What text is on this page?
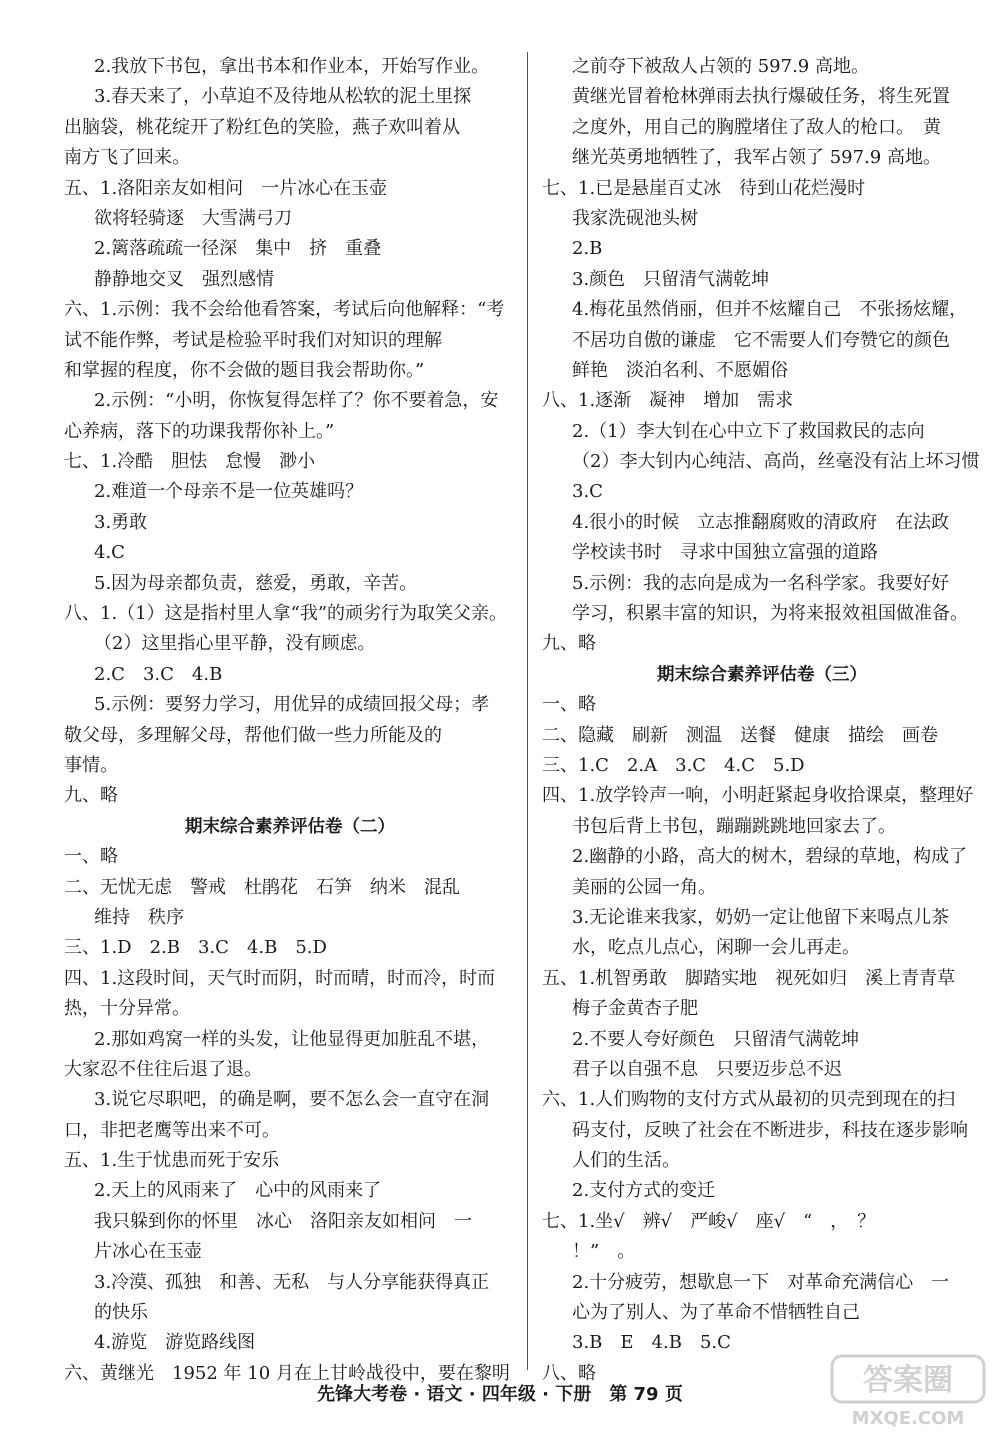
2.我放下书包，拿出书本和作业本，开始写作业。
3.春天来了，小草迫不及待地从松软的泥土里探
出脑袋，桃花绽开了粉红色的笑脸，燕子欢叫着从
南方飞了回来。
五、1.洛阳亲友如相问　一片冰心在玉壶
欲将轻骑逐　大雪满弓刀
2.篱落疏疏一径深　集中　挤　重叠
静静地交叉　强烈感情
六、1.示例：我不会给他看答案，考试后向他解释：“考
试不能作弊，考试是检验平时我们对知识的理解
和掌握的程度，你不会做的题目我会帮助你。”
2.示例：“小明，你恢复得怎样了？你不要着急，安
心养病，落下的功课我帮你补上。”
七、1.冷酷　胆怯　怠慢　渺小
2.难道一个母亲不是一位英雄吗？
3.勇敢
4.C
5.因为母亲都负责，慈爱，勇敢，辛苦。
八、1.（1）这是指村里人拿“我”的顽劣行为取笑父亲。
（2）这里指心里平静，没有顾虑。
2.C　3.C　4.B
5.示例：要努力学习，用优异的成绩回报父母；孝
敬父母，多理解父母，帮他们做一些力所能及的
事情。
九、略
期末综合素养评估卷（二）
一、略
二、无忧无虑　警戒　杜鹃花　石笋　纳米　混乱
维持　秩序
三、1.D　2.B　3.C　4.B　5.D
四、1.这段时间，天气时而阴，时而晴，时而冷，时而
热，十分异常。
2.那如鸡窝一样的头发，让他显得更加脏乱不堪，
大家忍不住往后退了退。
3.说它尽职吧，的确是啊，要不怎么会一直守在洞
口，非把老鹰等出来不可。
五、1.生于忧患而死于安乐
2.天上的风雨来了　心中的风雨来了
我只躲到你的怀里　冰心　洛阳亲友如相问　一
片冰心在玉壶
3.冷漠、孤独　和善、无私　与人分享能获得真正
的快乐
4.游览　游览路线图
六、黄继光　1952 年 10 月在上甘岭战役中，要在黎明
之前夺下被敌人占领的 597.9 高地。
黄继光冒着枪林弹雨去执行爆破任务，将生死置
之度外，用自己的胸膛堵住了敌人的枪口。　黄
继光英勇地牺牲了，我军占领了 597.9 高地。
七、1.已是悬崖百丈冰　待到山花烂漫时
我家洗砚池头树
2.B
3.颜色　只留清气满乾坤
4.梅花虽然俏丽，但并不炫耀自己　不张扬炫耀，
不居功自傲的谦虚　它不需要人们夸赞它的颜色
鲜艳　淡泊名利、不愿媚俗
八、1.逐渐　凝神　增加　需求
2.（1）李大钊在心中立下了救国救民的志向
（2）李大钊内心纯洁、高尚，丝毫没有沾上坏习惯
3.C
4.很小的时候　立志推翻腐败的清政府　在法政
学校读书时　寻求中国独立富强的道路
5.示例：我的志向是成为一名科学家。我要好好
学习，积累丰富的知识，为将来报效祖国做准备。
九、略
期末综合素养评估卷（三）
一、略
二、隐藏　刷新　测温　送餐　健康　描绘　画卷
三、1.C　2.A　3.C　4.C　5.D
四、1.放学铃声一响，小明赶紧起身收拾课桌，整理好
书包后背上书包，蹦蹦跳跳地回家去了。
2.幽静的小路，高大的树木，碧绿的草地，构成了
美丽的公园一角。
3.无论谁来我家，奶奶一定让他留下来喝点儿茶
水，吃点儿点心，闲聊一会儿再走。
五、1.机智勇敢　脚踏实地　视死如归　溪上青青草
梅子金黄杏子肥
2.不要人夸好颜色　只留清气满乾坤
君子以自强不息　只要迈步总不迟
六、1.人们购物的支付方式从最初的贝壳到现在的扫
码支付，反映了社会在不断进步，科技在逐步影响
人们的生活。
2.支付方式的变迁
七、1.坐√　辨√　严峻√　座√　“　，　？
！”　。
2.十分疲劳，想歇息一下　对革命充满信心　一
心为了别人、为了革命不惜牺牲自己
3.B　E　4.B　5.C
八、略
先锋大考卷 · 语文 · 四年级 · 下册　第 79 页	答案圈
MXQE.COM
